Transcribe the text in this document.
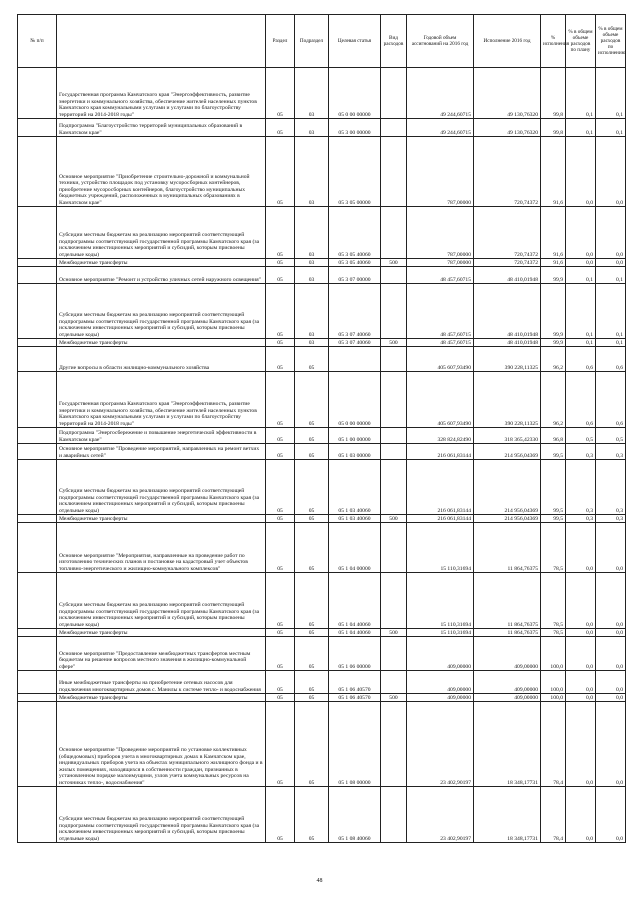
№ п/п		Раздел	Подраздел	Целевая статья	Вид расходов	Годовой объем ассигнований на 2016 год	Исполнение 2016 год	% исполнения	% в общем объеме расходов по плану	% в общем объеме расходов по исполнению
	Государственная программа Камчатского края "Энергоэффективность, развитие энергетики и коммунального хозяйства, обеспечение жителей населенных пунктов Камчатского края коммунальными услугами и услугами по благоустройству территорий на 2014-2018 годы"	05	03	05 0 00 00000		49 244,60715	49 130,76320	99,8	0,1	0,1
	Подпрограмма "Благоустройство территорий муниципальных образований в Камчатском крае"	05	03	05 3 00 00000		49 244,60715	49 130,76320	99,8	0,1	0,1
	Основное мероприятие "Приобретение строительно-дорожной и коммунальной техники, устройство площадок под установку мусоросборных контейнеров, приобретение мусоросборных контейнеров, благоустройство муниципальных бюджетных учреждений, расположенных в муниципальных образованиях в Камчатском крае"	05	03	05 3 05 00000		787,00000	720,74372	91,6	0,0	0,0
	Субсидии местным бюджетам на реализацию мероприятий соответствующей подпрограммы соответствующей государственной программы Камчатского края (за исключением инвестиционных мероприятий и субсидий, которым присвоены отдельные коды)	05	03	05 3 05 40060		787,00000	720,74372	91,6	0,0	0,0
	Межбюджетные трансферты	05	03	05 3 05 40060	500	787,00000	720,74372	91,6	0,0	0,0
	Основное мероприятие "Ремонт и устройство уличных сетей наружного освещения"	05	03	05 3 07 00000		48 457,60715	48 410,01948	99,9	0,1	0,1
	Субсидии местным бюджетам на реализацию мероприятий соответствующей подпрограммы соответствующей государственной программы Камчатского края (за исключением инвестиционных мероприятий и субсидий, которым присвоены отдельные коды)	05	03	05 3 07 40060		48 457,60715	48 410,01948	99,9	0,1	0,1
	Межбюджетные трансферты	05	03	05 3 07 40060	500	48 457,60715	48 410,01948	99,9	0,1	0,1
	Другие вопросы в области жилищно-коммунального хозяйства	05	05			405 607,93490	390 228,11325	96,2	0,6	0,6
	Государственная программа Камчатского края "Энергоэффективность, развитие энергетики и коммунального хозяйства, обеспечение жителей населенных пунктов Камчатского края коммунальными услугами и услугами по благоустройству территорий на 2014-2018 годы"	05	05	05 0 00 00000		405 607,93490	390 228,11325	96,2	0,6	0,6
	Подпрограмма "Энергосбережение и повышение энергетической эффективности в Камчатском крае"	05	05	05 1 00 00000		328 824,82490	318 365,42330	96,8	0,5	0,5
	Основное мероприятие "Проведение мероприятий, направленных на ремонт ветхих и аварийных сетей"	05	05	05 1 03 00000		216 061,83144	214 956,04369	99,5	0,3	0,3
	Субсидии местным бюджетам на реализацию мероприятий соответствующей подпрограммы соответствующей государственной программы Камчатского края (за исключением инвестиционных мероприятий и субсидий, которым присвоены отдельные коды)	05	05	05 1 03 40060		216 061,83144	214 956,04369	99,5	0,3	0,3
	Межбюджетные трансферты	05	05	05 1 03 40060	500	216 061,83144	214 956,04369	99,5	0,3	0,3
	Основное мероприятие "Мероприятия, направленные на проведение работ по изготовлению технических планов и постановке на кадастровый учет объектов топливно-энергетического и жилищно-коммунального комплексов"	05	05	05 1 04 00000		15 110,31694	11 864,76375	78,5	0,0	0,0
	Субсидии местным бюджетам на реализацию мероприятий соответствующей подпрограммы соответствующей государственной программы Камчатского края (за исключением инвестиционных мероприятий и субсидий, которым присвоены отдельные коды)	05	05	05 1 04 40060		15 110,31694	11 864,76375	78,5	0,0	0,0
	Межбюджетные трансферты	05	05	05 1 04 40060	500	15 110,31694	11 864,76375	78,5	0,0	0,0
	Основное мероприятие "Предоставление межбюджетных трансфертов местным бюджетам на решение вопросов местного значения в жилищно-коммунальной сфере"	05	05	05 1 06 00000		409,00000	409,00000	100,0	0,0	0,0
	Иные межбюджетные трансферты на приобретение сетевых насосов для подключения многоквартирных домов с. Манилы к системе тепло- и водоснабжения	05	05	05 1 06 40570		409,00000	409,00000	100,0	0,0	0,0
	Межбюджетные трансферты	05	05	05 1 06 40570	500	409,00000	409,00000	100,0	0,0	0,0
	Основное мероприятие "Проведение мероприятий по установке коллективных (общедомовых) приборов учета в многоквартирных домах в Камчатском крае, индивидуальных приборов учета на объектах муниципального жилищного фонда и в жилых помещениях, находящихся в собственности граждан, признанных в установленном порядке малоимущими, узлов учета коммунальных ресурсов на источниках тепло-, водоснабжения"	05	05	05 1 08 00000		23 402,90197	18 348,17731	78,4	0,0	0,0
	Субсидии местным бюджетам на реализацию мероприятий соответствующей подпрограммы соответствующей государственной программы Камчатского края (за исключением инвестиционных мероприятий и субсидий, которым присвоены отдельные коды)	05	05	05 1 08 40060		23 402,90197	18 348,17731	78,4	0,0	0,0
48
